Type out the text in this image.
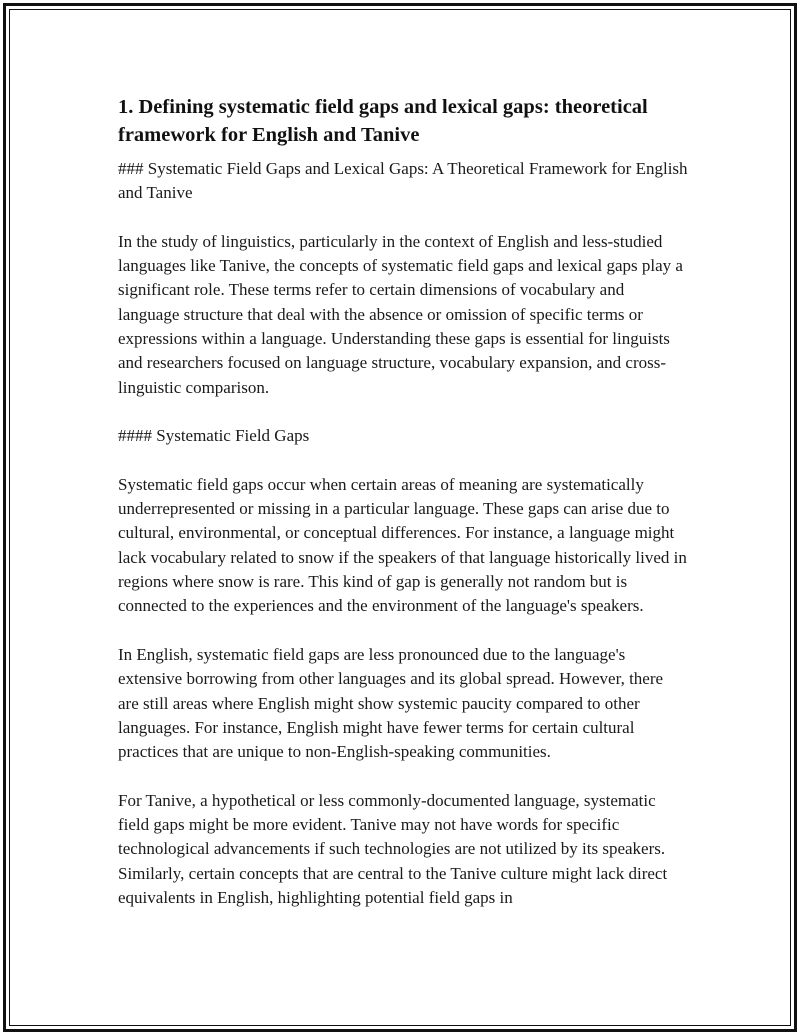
1. Defining systematic field gaps and lexical gaps: theoretical framework for English and Tanive

### Systematic Field Gaps and Lexical Gaps: A Theoretical Framework for English and Tanive

In the study of linguistics, particularly in the context of English and less-studied languages like Tanive, the concepts of systematic field gaps and lexical gaps play a significant role. These terms refer to certain dimensions of vocabulary and language structure that deal with the absence or omission of specific terms or expressions within a language. Understanding these gaps is essential for linguists and researchers focused on language structure, vocabulary expansion, and cross-linguistic comparison.

#### Systematic Field Gaps

Systematic field gaps occur when certain areas of meaning are systematically underrepresented or missing in a particular language. These gaps can arise due to cultural, environmental, or conceptual differences. For instance, a language might lack vocabulary related to snow if the speakers of that language historically lived in regions where snow is rare. This kind of gap is generally not random but is connected to the experiences and the environment of the language's speakers.

In English, systematic field gaps are less pronounced due to the language's extensive borrowing from other languages and its global spread. However, there are still areas where English might show systemic paucity compared to other languages. For instance, English might have fewer terms for certain cultural practices that are unique to non-English-speaking communities.

For Tanive, a hypothetical or less commonly-documented language, systematic field gaps might be more evident. Tanive may not have words for specific technological advancements if such technologies are not utilized by its speakers. Similarly, certain concepts that are central to the Tanive culture might lack direct equivalents in English, highlighting potential field gaps in
